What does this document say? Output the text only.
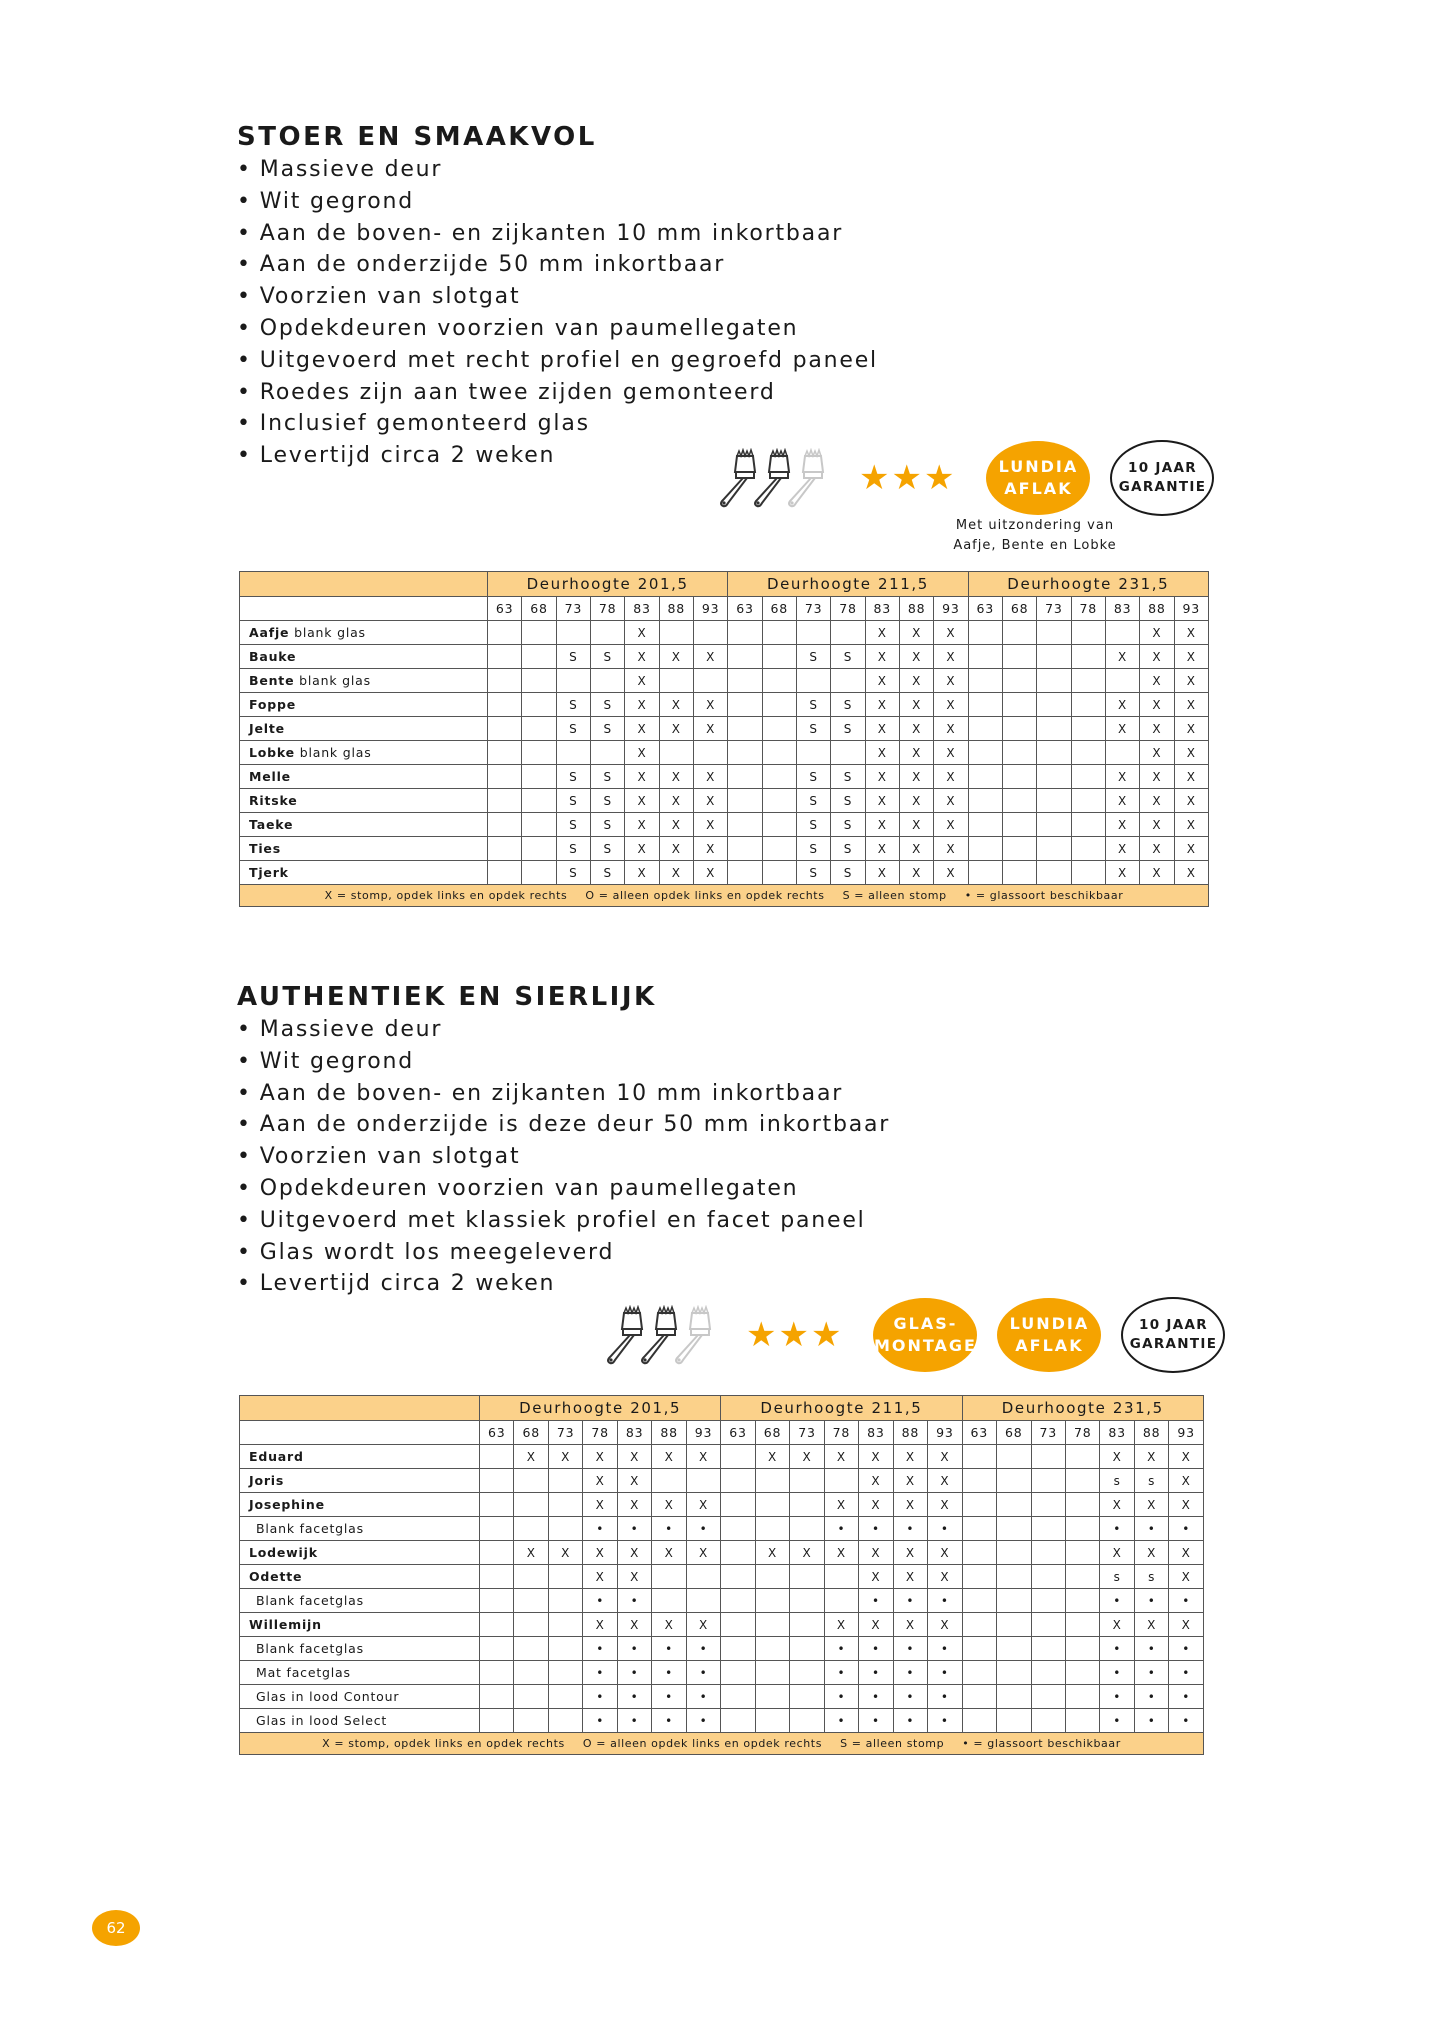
STOER EN SMAAKVOL
• Massieve deur
• Wit gegrond
• Aan de boven- en zijkanten 10 mm inkortbaar
• Aan de onderzijde 50 mm inkortbaar
• Voorzien van slotgat
• Opdekdeuren voorzien van paumellegaten
• Uitgevoerd met recht profiel en gegroefd paneel
• Roedes zijn aan twee zijden gemonteerd
• Inclusief gemonteerd glas
• Levertijd circa 2 weken
★★★	LUNDIA
AFLAK
10 JAAR
GARANTIE
Met uitzondering van
Aafje, Bente en Lobke
	Deurhoogte 201,5							Deurhoogte 211,5							Deurhoogte 231,5						
	63	68	73	78	83	88	93	63	68	73	78	83	88	93	63	68	73	78	83	88	93
Aafje blank glas					X							X	X	X						X	X
Bauke			S	S	X	X	X			S	S	X	X	X					X	X	X
Bente blank glas					X							X	X	X						X	X
Foppe			S	S	X	X	X			S	S	X	X	X					X	X	X
Jelte			S	S	X	X	X			S	S	X	X	X					X	X	X
Lobke blank glas					X							X	X	X						X	X
Melle			S	S	X	X	X			S	S	X	X	X					X	X	X
Ritske			S	S	X	X	X			S	S	X	X	X					X	X	X
Taeke			S	S	X	X	X			S	S	X	X	X					X	X	X
Ties			S	S	X	X	X			S	S	X	X	X					X	X	X
Tjerk			S	S	X	X	X			S	S	X	X	X					X	X	X
X = stomp, opdek links en opdek rechts O = alleen opdek links en opdek rechts S = alleen stomp • = glassoort beschikbaar																					
AUTHENTIEK EN SIERLIJK
• Massieve deur
• Wit gegrond
• Aan de boven- en zijkanten 10 mm inkortbaar
• Aan de onderzijde is deze deur 50 mm inkortbaar
• Voorzien van slotgat
• Opdekdeuren voorzien van paumellegaten
• Uitgevoerd met klassiek profiel en facet paneel
• Glas wordt los meegeleverd
• Levertijd circa 2 weken
★★★	GLAS-
MONTAGE
LUNDIA
AFLAK
10 JAAR
GARANTIE
	Deurhoogte 201,5							Deurhoogte 211,5							Deurhoogte 231,5						
	63	68	73	78	83	88	93	63	68	73	78	83	88	93	63	68	73	78	83	88	93
Eduard		X	X	X	X	X	X		X	X	X	X	X	X					X	X	X
Joris				X	X							X	X	X					s	s	X
Josephine				X	X	X	X				X	X	X	X					X	X	X
Blank facetglas				•	•	•	•				•	•	•	•					•	•	•
Lodewijk		X	X	X	X	X	X		X	X	X	X	X	X					X	X	X
Odette				X	X							X	X	X					s	s	X
Blank facetglas				•	•							•	•	•					•	•	•
Willemijn				X	X	X	X				X	X	X	X					X	X	X
Blank facetglas				•	•	•	•				•	•	•	•					•	•	•
Mat facetglas				•	•	•	•				•	•	•	•					•	•	•
Glas in lood Contour				•	•	•	•				•	•	•	•					•	•	•
Glas in lood Select				•	•	•	•				•	•	•	•					•	•	•
X = stomp, opdek links en opdek rechts O = alleen opdek links en opdek rechts S = alleen stomp • = glassoort beschikbaar																					
62
